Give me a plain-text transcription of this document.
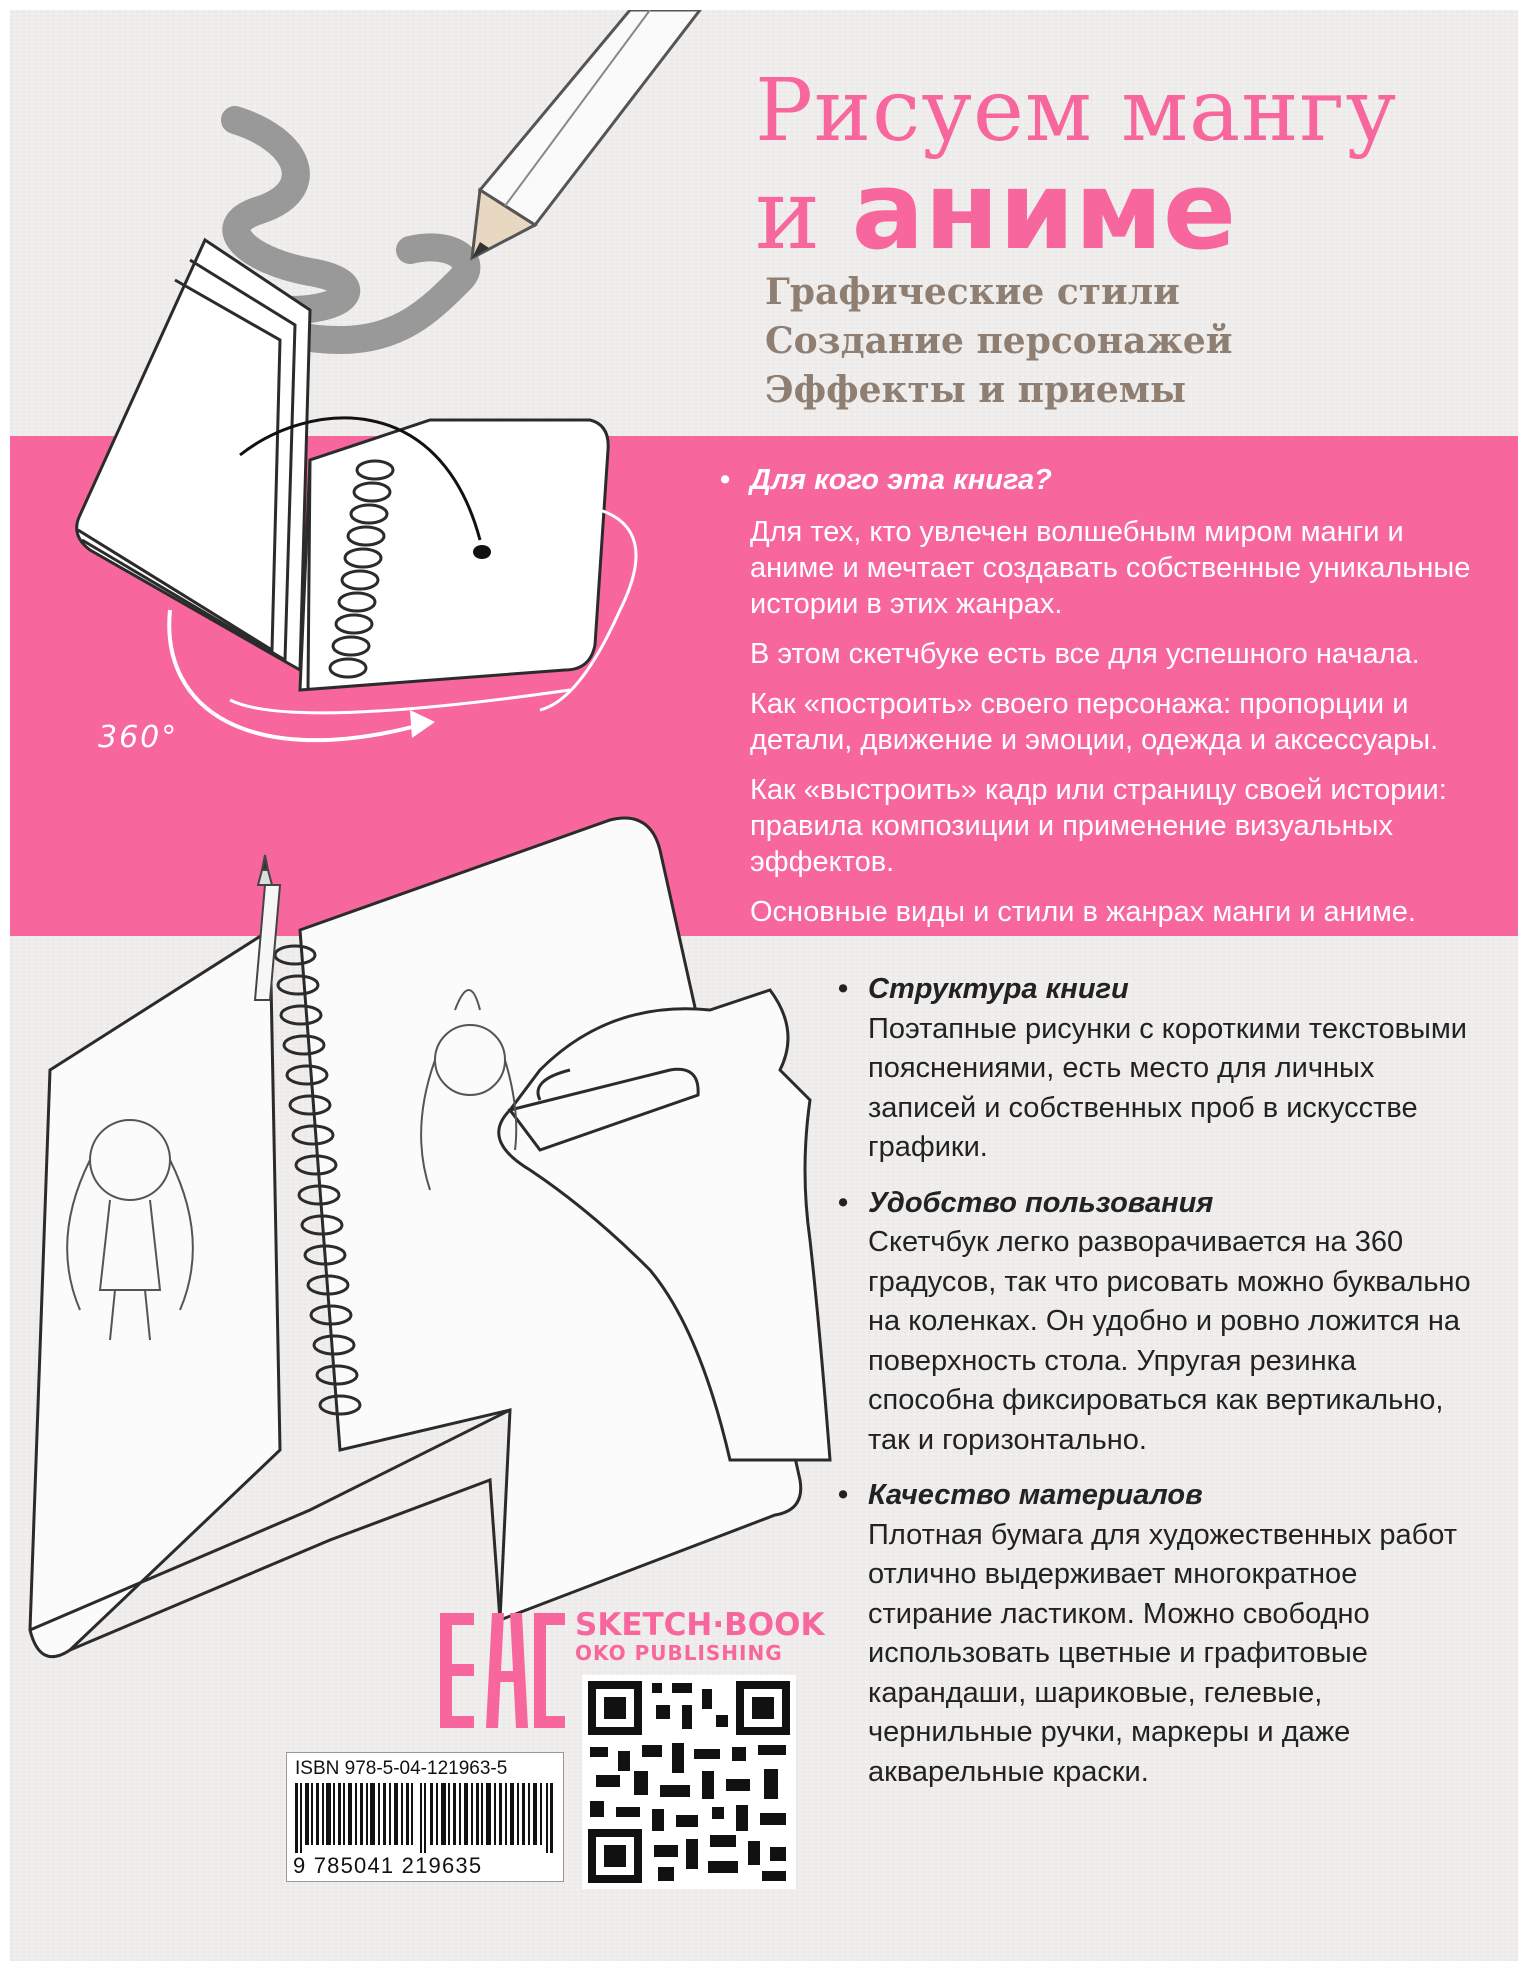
360°
Рисуем мангу
и аниме
Графические стили
Создание персонажей
Эффекты и приемы

• Для кого эта книга?

Для тех, кто увлечен волшебным миром манги и аниме и мечтает создавать собственные уникальные истории в этих жанрах.

В этом скетчбуке есть все для успешного начала.

Как «построить» своего персонажа: пропорции и детали, движение и эмоции, одежда и аксессуары.

Как «выстроить» кадр или страницу своей истории: правила композиции и применение визуальных эффектов.

Основные виды и стили в жанрах манги и аниме.

• Структура книги
Поэтапные рисунки с короткими текстовыми пояснениями, есть место для личных записей и собственных проб в искусстве графики.
• Удобство пользования
Скетчбук легко разворачивается на 360 градусов, так что рисовать можно буквально на коленках. Он удобно и ровно ложится на поверхность стола. Упругая резинка способна фиксироваться как вертикально, так и горизонтально.
• Качество материалов
Плотная бумага для художественных работ отлично выдерживает многократное стирание ластиком. Можно свободно использовать цветные и графитовые карандаши, шариковые, гелевые, чернильные ручки, маркеры и даже акварельные краски.
SKETCH·BOOK
OKO PUBLISHING
ISBN 978-5-04-121963-5
9 785041 219635
